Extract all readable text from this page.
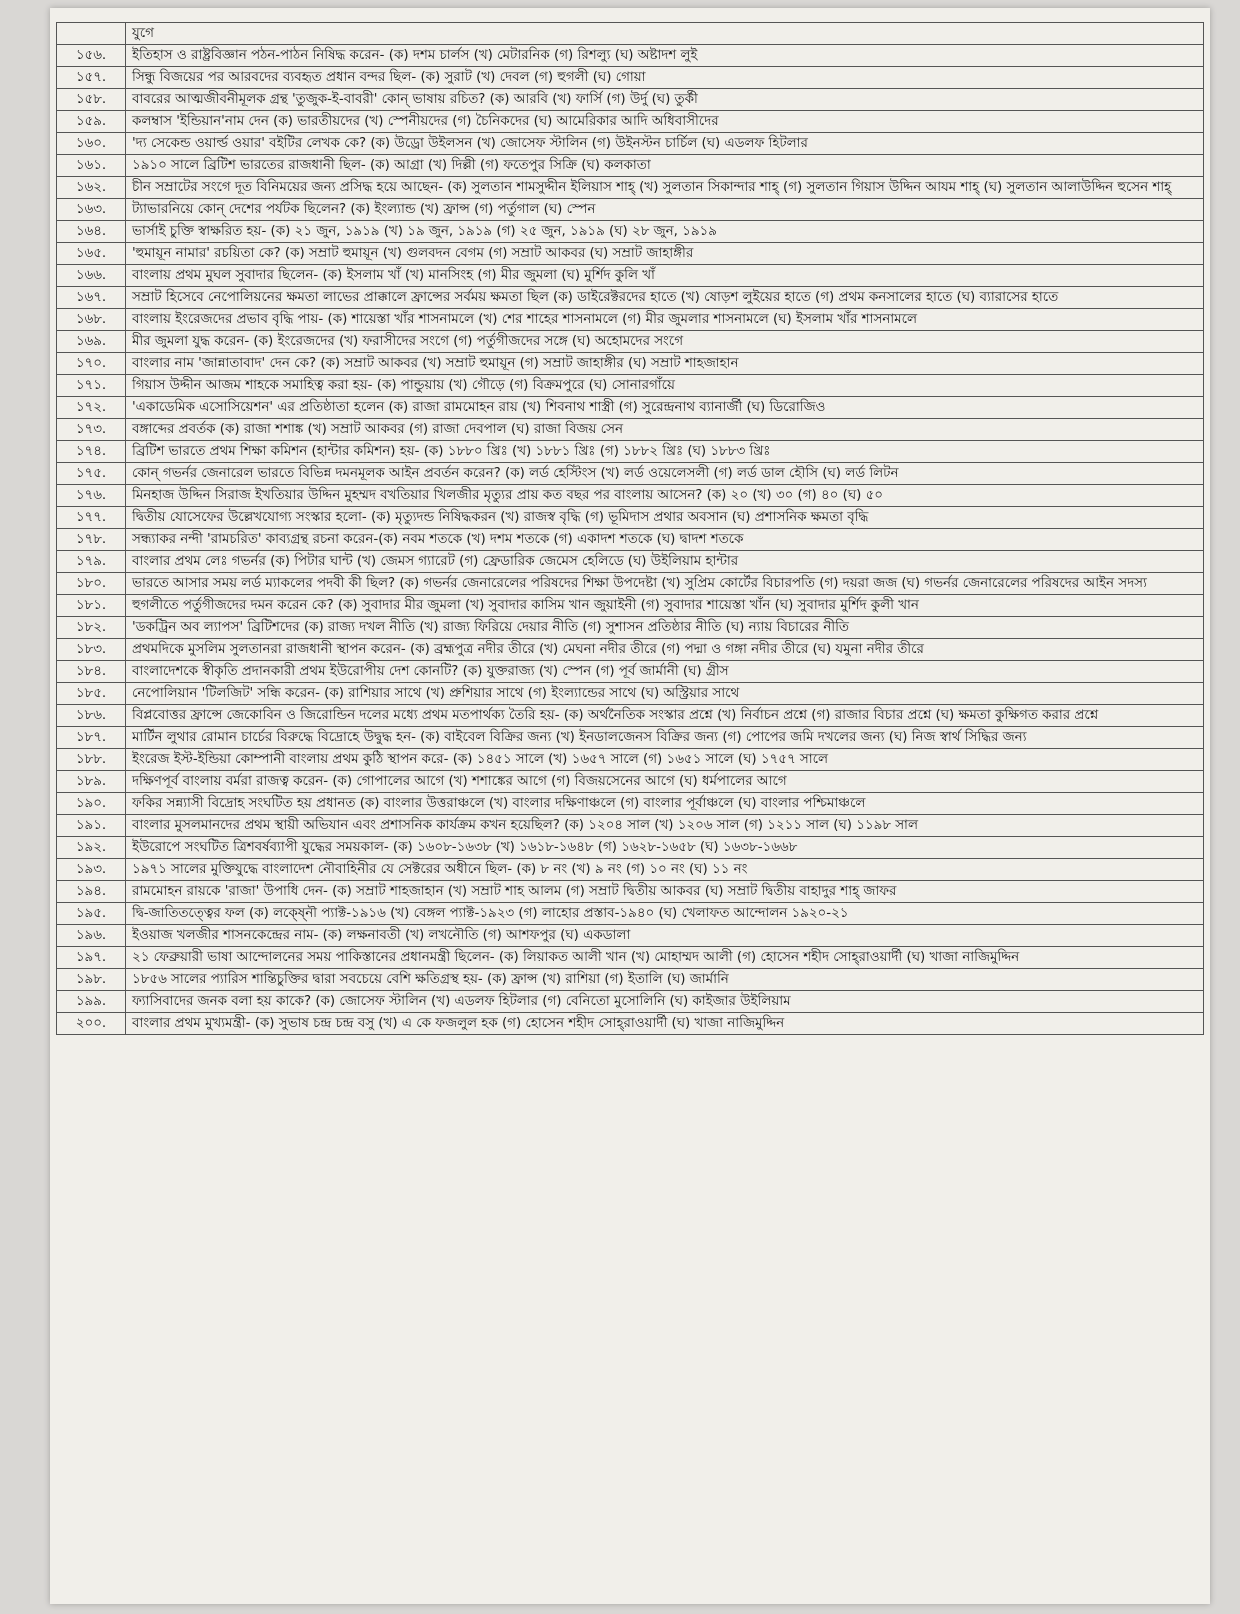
	যুগে
১৫৬.	ইতিহাস ও রাষ্ট্রবিজ্ঞান পঠন-পাঠন নিষিদ্ধ করেন- (ক) দশম চার্লস (খ) মেটারনিক (গ) রিশল্যু (ঘ) অষ্টাদশ লুই
১৫৭.	সিন্ধু বিজয়ের পর আরবদের ব্যবহৃত প্রধান বন্দর ছিল- (ক) সুরাট (খ) দেবল (গ) হুগলী (ঘ) গোয়া
১৫৮.	বাবরের আত্মজীবনীমূলক গ্রন্থ 'তুজুক-ই-বাবরী' কোন্ ভাষায় রচিত? (ক) আরবি (খ) ফার্সি (গ) উর্দু (ঘ) তুর্কী
১৫৯.	কলম্বাস 'ইন্ডিয়ান'নাম দেন (ক) ভারতীয়দের (খ) স্পেনীয়দের (গ) চৈনিকদের (ঘ) আমেরিকার আদি অধিবাসীদের
১৬০.	'দ্য সেকেন্ড ওয়ার্ল্ড ওয়ার' বইটির লেখক কে? (ক) উড্রো উইলসন (খ) জোসেফ স্টালিন (গ) উইনস্টন চার্চিল (ঘ) এডলফ হিটলার
১৬১.	১৯১০ সালে ব্রিটিশ ভারতের রাজধানী ছিল- (ক) আগ্রা (খ) দিল্লী (গ) ফতেপুর সিক্রি (ঘ) কলকাতা
১৬২.	চীন সম্রাটের সংগে দূত বিনিময়ের জন্য প্রসিদ্ধ হয়ে আছেন- (ক) সুলতান শামসুদ্দীন ইলিয়াস শাহ্ (খ) সুলতান সিকান্দার শাহ্ (গ) সুলতান গিয়াস উদ্দিন আযম শাহ্ (ঘ) সুলতান আলাউদ্দিন হুসেন শাহ্
১৬৩.	ট্যাভারনিয়ে কোন্ দেশের পর্যটক ছিলেন? (ক) ইংল্যান্ড (খ) ফ্রান্স (গ) পর্তুগাল (ঘ) স্পেন
১৬৪.	ভার্সাই চুক্তি স্বাক্ষরিত হয়- (ক) ২১ জুন, ১৯১৯ (খ) ১৯ জুন, ১৯১৯ (গ) ২৫ জুন, ১৯১৯ (ঘ) ২৮ জুন, ১৯১৯
১৬৫.	'হুমায়ূন নামার' রচয়িতা কে? (ক) সম্রাট হুমায়ূন (খ) গুলবদন বেগম (গ) সম্রাট আকবর (ঘ) সম্রাট জাহাঙ্গীর
১৬৬.	বাংলায় প্রথম মুঘল সুবাদার ছিলেন- (ক) ইসলাম খাঁ (খ) মানসিংহ (গ) মীর জুমলা (ঘ) মুর্শিদ কুলি খাঁ
১৬৭.	সম্রাট হিসেবে নেপোলিয়নের ক্ষমতা লাভের প্রাক্কালে ফ্রান্সের সর্বময় ক্ষমতা ছিল (ক) ডাইরেক্টরদের হাতে (খ) ষোড়শ লুইয়ের হাতে (গ) প্রথম কনসালের হাতে (ঘ) ব্যারাসের হাতে
১৬৮.	বাংলায় ইংরেজদের প্রভাব বৃদ্ধি পায়- (ক) শায়েস্তা খাঁর শাসনামলে (খ) শের শাহের শাসনামলে (গ) মীর জুমলার শাসনামলে (ঘ) ইসলাম খাঁর শাসনামলে
১৬৯.	মীর জুমলা যুদ্ধ করেন- (ক) ইংরেজদের (খ) ফরাসীদের সংগে (গ) পর্তুগীজদের সঙ্গে (ঘ) অহোমদের সংগে
১৭০.	বাংলার নাম 'জান্নাতাবাদ' দেন কে? (ক) সম্রাট আকবর (খ) সম্রাট হুমায়ূন (গ) সম্রাট জাহাঙ্গীর (ঘ) সম্রাট শাহজাহান
১৭১.	গিয়াস উদ্দীন আজম শাহকে সমাহিত্ব করা হয়- (ক) পান্ডুয়ায় (খ) গৌড়ে (গ) বিক্রমপুরে (ঘ) সোনারগাঁয়ে
১৭২.	'একাডেমিক এসোসিয়েশন' এর প্রতিষ্ঠাতা হলেন (ক) রাজা রামমোহন রায় (খ) শিবনাথ শাস্ত্রী (গ) সুরেন্দ্রনাথ ব্যানার্জী (ঘ) ডিরোজিও
১৭৩.	বঙ্গাব্দের প্রবর্তক (ক) রাজা শশাঙ্ক (খ) সম্রাট আকবর (গ) রাজা দেবপাল (ঘ) রাজা বিজয় সেন
১৭৪.	ব্রিটিশ ভারতে প্রথম শিক্ষা কমিশন (হান্টার কমিশন) হয়- (ক) ১৮৮০ খ্রিঃ (খ) ১৮৮১ খ্রিঃ (গ) ১৮৮২ খ্রিঃ (ঘ) ১৮৮৩ খ্রিঃ
১৭৫.	কোন্ গভর্নর জেনারেল ভারতে বিভিন্ন দমনমূলক আইন প্রবর্তন করেন? (ক) লর্ড হেস্টিংস (খ) লর্ড ওয়েলেসলী (গ) লর্ড ডাল হৌসি (ঘ) লর্ড লিটন
১৭৬.	মিনহাজ উদ্দিন সিরাজ ইখতিয়ার উদ্দিন মুহম্মদ বখতিয়ার খিলজীর মৃত্যুর প্রায় কত বছর পর বাংলায় আসেন? (ক) ২০ (খ) ৩০ (গ) ৪০ (ঘ) ৫০
১৭৭.	দ্বিতীয় যোসেফের উল্লেখযোগ্য সংস্কার হলো- (ক) মৃত্যুদন্ড নিষিদ্ধকরন (খ) রাজস্ব বৃদ্ধি (গ) ভূমিদাস প্রথার অবসান (ঘ) প্রশাসনিক ক্ষমতা বৃদ্ধি
১৭৮.	সন্ধ্যাকর নন্দী 'রামচরিত' কাব্যগ্রন্থ রচনা করেন-(ক) নবম শতকে (খ) দশম শতকে (গ) একাদশ শতকে (ঘ) দ্বাদশ শতকে
১৭৯.	বাংলার প্রথম লেঃ গভর্নর (ক) পিটার ঘান্ট (খ) জেমস গ্যারেট (গ) ফ্রেডারিক জেমেস হেলিডে (ঘ) উইলিয়াম হান্টার
১৮০.	ভারতে আসার সময় লর্ড ম্যাকলের পদবী কী ছিল? (ক) গভর্নর জেনারেলের পরিষদের শিক্ষা উপদেষ্টা (খ) সুপ্রিম কোর্টের বিচারপতি (গ) দয়রা জজ (ঘ) গভর্নর জেনারেলের পরিষদের আইন সদস্য
১৮১.	হুগলীতে পর্তুগীজদের দমন করেন কে? (ক) সুবাদার মীর জুমলা (খ) সুবাদার কাসিম খান জুয়াইনী (গ) সুবাদার শায়েস্তা খাঁন (ঘ) সুবাদার মুর্শিদ কুলী খান
১৮২.	'ডকট্রিন অব ল্যাপস' ব্রিটিশদের (ক) রাজ্য দখল নীতি (খ) রাজ্য ফিরিয়ে দেয়ার নীতি (গ) সুশাসন প্রতিষ্ঠার নীতি (ঘ) ন্যায় বিচারের নীতি
১৮৩.	প্রথমদিকে মুসলিম সুলতানরা রাজধানী স্থাপন করেন- (ক) ব্রহ্মপুত্র নদীর তীরে (খ) মেঘনা নদীর তীরে (গ) পদ্মা ও গঙ্গা নদীর তীরে (ঘ) যমুনা নদীর তীরে
১৮৪.	বাংলাদেশকে স্বীকৃতি প্রদানকারী প্রথম ইউরোপীয় দেশ কোনটি? (ক) যুক্তরাজ্য (খ) স্পেন (গ) পূর্ব জার্মানী (ঘ) গ্রীস
১৮৫.	নেপোলিয়ান 'টিলজিট' সন্ধি করেন- (ক) রাশিয়ার সাথে (খ) প্রুশিয়ার সাথে (গ) ইংল্যান্ডের সাথে (ঘ) অস্ট্রিয়ার সাথে
১৮৬.	বিপ্লবোত্তর ফ্রান্সে জেকোবিন ও জিরোন্ডিন দলের মধ্যে প্রথম মতপার্থক্য তৈরি হয়- (ক) অর্থনৈতিক সংস্কার প্রশ্নে (খ) নির্বাচন প্রশ্নে (গ) রাজার বিচার প্রশ্নে (ঘ) ক্ষমতা কুক্ষিগত করার প্রশ্নে
১৮৭.	মার্টিন লুথার রোমান চার্চের বিরুদ্ধে বিদ্রোহে উদ্বুদ্ধ হন- (ক) বাইবেল বিক্রির জন্য (খ) ইনডালজেনস বিক্রির জন্য (গ) পোপের জমি দখলের জন্য (ঘ) নিজ স্বার্থ সিদ্ধির জন্য
১৮৮.	ইংরেজ ইস্ট-ইন্ডিয়া কোম্পানী বাংলায় প্রথম কুঠি স্থাপন করে- (ক) ১৪৫১ সালে (খ) ১৬৫৭ সালে (গ) ১৬৫১ সালে (ঘ) ১৭৫৭ সালে
১৮৯.	দক্ষিণপূর্ব বাংলায় বর্মরা রাজত্ব করেন- (ক) গোপালের আগে (খ) শশাঙ্কের আগে (গ) বিজয়সেনের আগে (ঘ) ধর্মপালের আগে
১৯০.	ফকির সন্ন্যাসী বিদ্রোহ সংঘটিত হয় প্রধানত (ক) বাংলার উত্তরাঞ্চলে (খ) বাংলার দক্ষিণাঞ্চলে (গ) বাংলার পূর্বাঞ্চলে (ঘ) বাংলার পশ্চিমাঞ্চলে
১৯১.	বাংলার মুসলমানদের প্রথম স্থায়ী অভিযান এবং প্রশাসনিক কার্যক্রম কখন হয়েছিল? (ক) ১২০৪ সাল (খ) ১২০৬ সাল (গ) ১২১১ সাল (ঘ) ১১৯৮ সাল
১৯২.	ইউরোপে সংঘটিত ত্রিশবর্ষব্যাপী যুদ্ধের সময়কাল- (ক) ১৬০৮-১৬৩৮ (খ) ১৬১৮-১৬৪৮ (গ) ১৬২৮-১৬৫৮ (ঘ) ১৬৩৮-১৬৬৮
১৯৩.	১৯৭১ সালের মুক্তিযুদ্ধে বাংলাদেশ নৌবাহিনীর যে সেক্টরের অধীনে ছিল- (ক) ৮ নং (খ) ৯ নং (গ) ১০ নং (ঘ) ১১ নং
১৯৪.	রামমোহন রায়কে 'রাজা' উপাধি দেন- (ক) সম্রাট শাহজাহান (খ) সম্রাট শাহ আলম (গ) সম্রাট দ্বিতীয় আকবর (ঘ) সম্রাট দ্বিতীয় বাহাদুর শাহ্ জাফর
১৯৫.	দ্বি-জাতিতত্ত্বের ফল (ক) লক্ষ্নৌ প্যাক্ট-১৯১৬ (খ) বেঙ্গল প্যাক্ট-১৯২৩ (গ) লাহোর প্রস্তাব-১৯৪০ (ঘ) খেলাফত আন্দোলন ১৯২০-২১
১৯৬.	ইওয়াজ খলজীর শাসনকেন্দ্রের নাম- (ক) লক্ষনাবতী (খ) লখনৌতি (গ) আশফপুর (ঘ) একডালা
১৯৭.	২১ ফেব্রুয়ারী ভাষা আন্দোলনের সময় পাকিস্তানের প্রধানমন্ত্রী ছিলেন- (ক) লিয়াকত আলী খান (খ) মোহাম্মদ আলী (গ) হোসেন শহীদ সোহ্‌রাওয়ার্দী (ঘ) খাজা নাজিমুদ্দিন
১৯৮.	১৮৫৬ সালের প্যারিস শান্তিচুক্তির দ্বারা সবচেয়ে বেশি ক্ষতিগ্রস্থ হয়- (ক) ফ্রান্স (খ) রাশিয়া (গ) ইতালি (ঘ) জার্মানি
১৯৯.	ফ্যাসিবাদের জনক বলা হয় কাকে? (ক) জোসেফ স্টালিন (খ) এডলফ হিটলার (গ) বেনিতো মুসোলিনি (ঘ) কাইজার উইলিয়াম
২০০.	বাংলার প্রথম মুখ্যমন্ত্রী- (ক) সুভাষ চন্দ্র চন্দ্র বসু (খ) এ কে ফজলুল হক (গ) হোসেন শহীদ সোহ্‌রাওয়ার্দী (ঘ) খাজা নাজিমুদ্দিন
